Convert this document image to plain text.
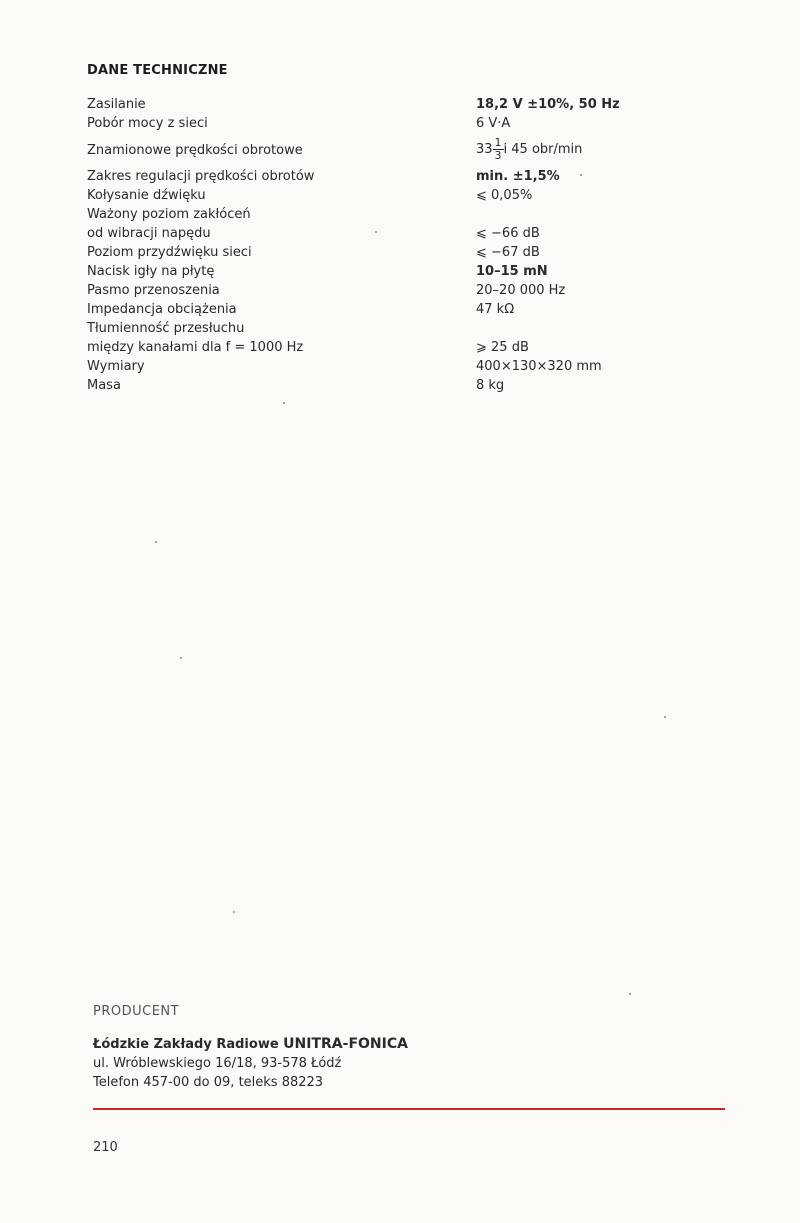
DANE TECHNICZNE
Zasilanie	18,2 V ±10%, 50 Hz
Pobór mocy z sieci	6 V·A
Znamionowe prędkości obrotowe	$33 \frac{1}{3}$ i 45 obr/min
Zakres regulacji prędkości obrotów	min. ±1,5%
Kołysanie dźwięku	⩽ 0,05%
Ważony poziom zakłóceń
od wibracji napędu	⩽ −66 dB
Poziom przydźwięku sieci	⩽ −67 dB
Nacisk igły na płytę	10–15 mN
Pasmo przenoszenia	20–20 000 Hz
Impedancja obciążenia	47 kΩ
Tłumienność przesłuchu
między kanałami dla f = 1000 Hz	⩾ 25 dB
Wymiary	400×130×320 mm
Masa	8 kg
PRODUCENT
Łódzkie Zakłady Radiowe UNITRA-FONICA
ul. Wróblewskiego 16/18, 93-578 Łódź
Telefon 457-00 do 09, teleks 88223
210
